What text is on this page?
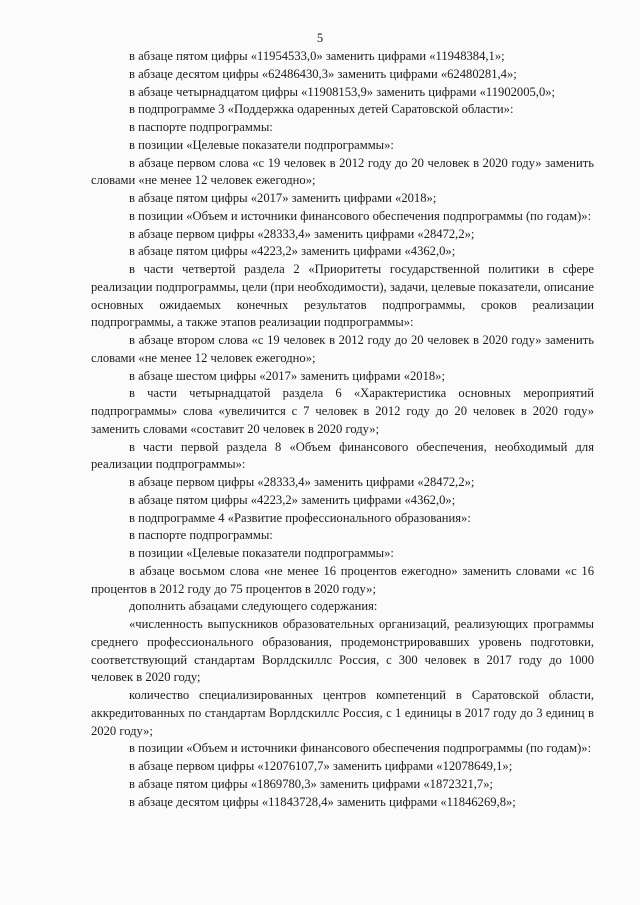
5

в абзаце пятом цифры «11954533,0» заменить цифрами «11948384,1»;

в абзаце десятом цифры «62486430,3» заменить цифрами «62480281,4»;

в абзаце четырнадцатом цифры «11908153,9» заменить цифрами «11902005,0»;

в подпрограмме 3 «Поддержка одаренных детей Саратовской области»:

в паспорте подпрограммы:

в позиции «Целевые показатели подпрограммы»:

в абзаце первом слова «с 19 человек в 2012 году до 20 человек в 2020 году» заменить словами «не менее 12 человек ежегодно»;

в абзаце пятом цифры «2017» заменить цифрами «2018»;

в позиции «Объем и источники финансового обеспечения подпрограммы (по годам)»:

в абзаце первом цифры «28333,4» заменить цифрами «28472,2»;

в абзаце пятом цифры «4223,2» заменить цифрами «4362,0»;

в части четвертой раздела 2 «Приоритеты государственной политики в сфере реализации подпрограммы, цели (при необходимости), задачи, целевые показатели, описание основных ожидаемых конечных результатов подпрограммы, сроков реализации подпрограммы, а также этапов реализации подпрограммы»:

в абзаце втором слова «с 19 человек в 2012 году до 20 человек в 2020 году» заменить словами «не менее 12 человек ежегодно»;

в абзаце шестом цифры «2017» заменить цифрами «2018»;

в части четырнадцатой раздела 6 «Характеристика основных мероприятий подпрограммы» слова «увеличится с 7 человек в 2012 году до 20 человек в 2020 году» заменить словами «составит 20 человек в 2020 году»;

в части первой раздела 8 «Объем финансового обеспечения, необходимый для реализации подпрограммы»:

в абзаце первом цифры «28333,4» заменить цифрами «28472,2»;

в абзаце пятом цифры «4223,2» заменить цифрами «4362,0»;

в подпрограмме 4 «Развитие профессионального образования»:

в паспорте подпрограммы:

в позиции «Целевые показатели подпрограммы»:

в абзаце восьмом слова «не менее 16 процентов ежегодно» заменить словами «с 16 процентов в 2012 году до 75 процентов в 2020 году»;

дополнить абзацами следующего содержания:

«численность выпускников образовательных организаций, реализующих программы среднего профессионального образования, продемонстрировавших уровень подготовки, соответствующий стандартам Ворлдскиллс Россия, с 300 человек в 2017 году до 1000 человек в 2020 году;

количество специализированных центров компетенций в Саратовской области, аккредитованных по стандартам Ворлдскиллс Россия, с 1 единицы в 2017 году до 3 единиц в 2020 году»;

в позиции «Объем и источники финансового обеспечения подпрограммы (по годам)»:

в абзаце первом цифры «12076107,7» заменить цифрами «12078649,1»;

в абзаце пятом цифры «1869780,3» заменить цифрами «1872321,7»;

в абзаце десятом цифры «11843728,4» заменить цифрами «11846269,8»;
